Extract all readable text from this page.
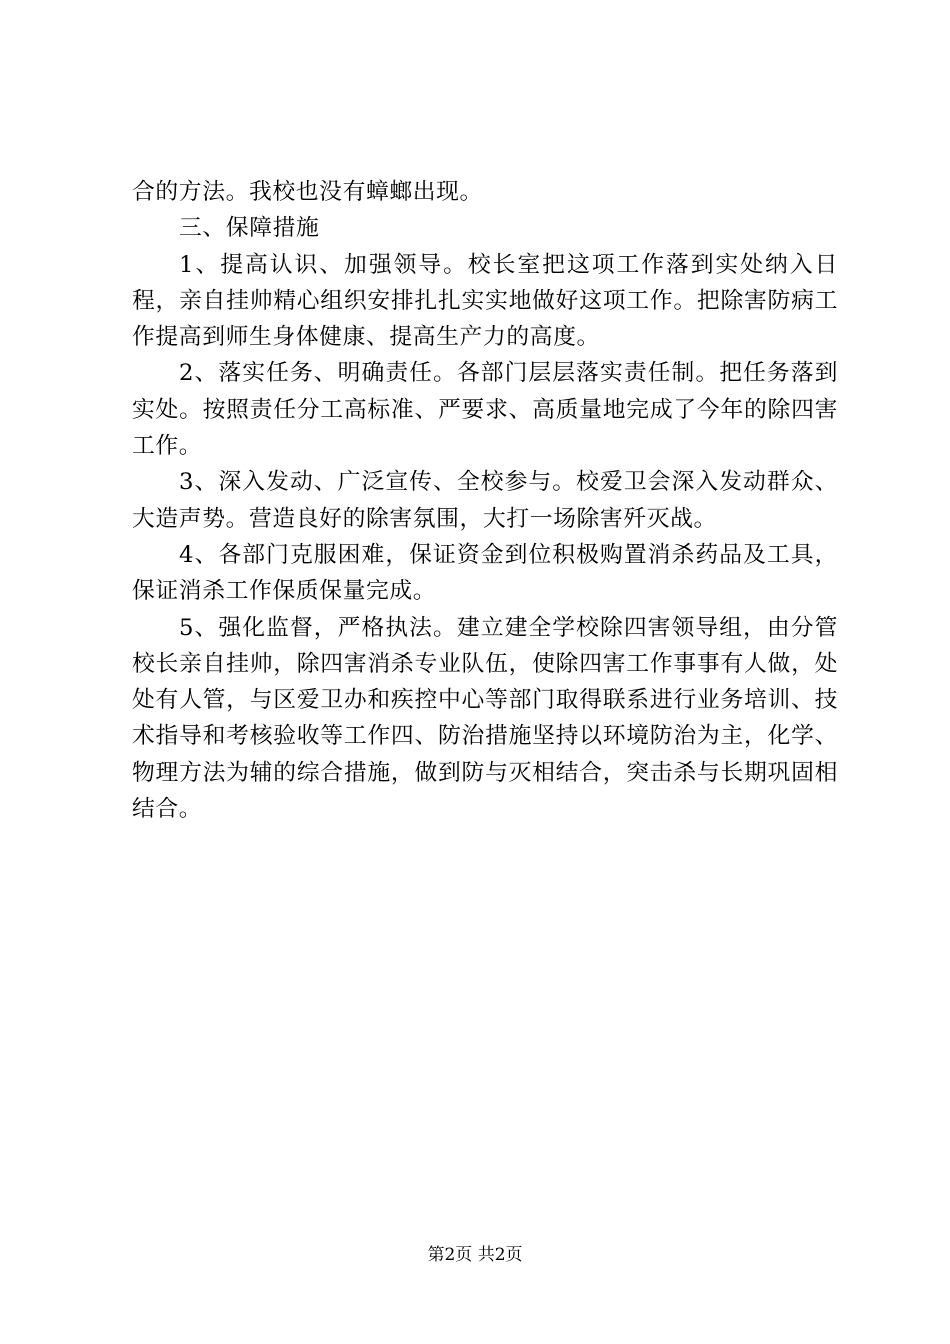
合的方法。我校也没有蟑螂出现。

三、保障措施

1、提高认识、加强领导。校长室把这项工作落到实处纳入日程，亲自挂帅精心组织安排扎扎实实地做好这项工作。把除害防病工作提高到师生身体健康、提高生产力的高度。

2、落实任务、明确责任。各部门层层落实责任制。把任务落到实处。按照责任分工高标准、严要求、高质量地完成了今年的除四害工作。

3、深入发动、广泛宣传、全校参与。校爱卫会深入发动群众、大造声势。营造良好的除害氛围，大打一场除害歼灭战。

4、各部门克服困难，保证资金到位积极购置消杀药品及工具，保证消杀工作保质保量完成。

5、强化监督，严格执法。建立建全学校除四害领导组，由分管校长亲自挂帅，除四害消杀专业队伍，使除四害工作事事有人做，处处有人管，与区爱卫办和疾控中心等部门取得联系进行业务培训、技术指导和考核验收等工作四、防治措施坚持以环境防治为主，化学、物理方法为辅的综合措施，做到防与灭相结合，突击杀与长期巩固相结合。

第2页 共2页
